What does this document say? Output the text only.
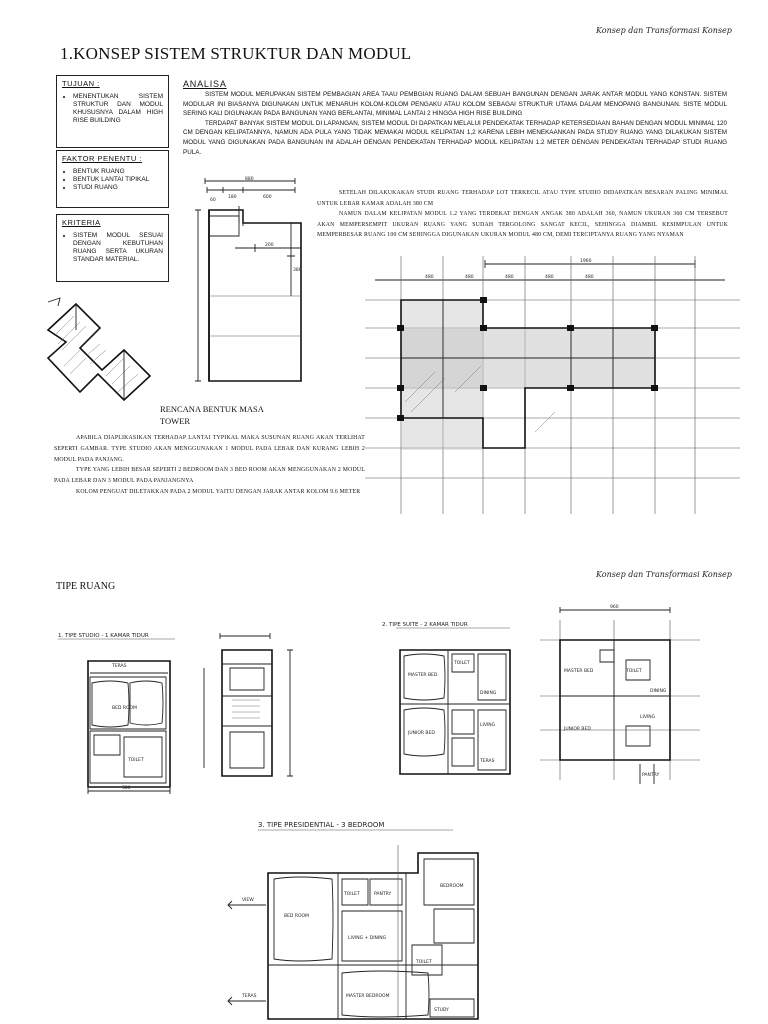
Konsep dan Transformasi Konsep
1.KONSEP SISTEM STRUKTUR DAN MODUL
TUJUAN :
• MENENTUKAN SISTEM STRUKTUR DAN MODUL KHUSUSNYA DALAM HIGH RISE BUILDING
FAKTOR PENENTU :
• BENTUK RUANG
• BENTUK LANTAI TIPIKAL
• STUDI RUANG
KRITERIA
• SISTEM MODUL SESUAI DENGAN KEBUTUHAN RUANG SERTA UKURAN STANDAR MATERIAL.
ANALISA
SISTEM MODUL MERUPAKAN SISTEM PEMBAGIAN AREA TAAU PEMBGIAN RUANG DALAM SEBUAH BANGUNAN DENGAN JARAK ANTAR MODUL YANG KONSTAN. SISTEM MODULAR INI BIASANYA DIGUNAKAN UNTUK MENARUH KOLOM-KOLOM PENGAKU ATAU KOLOM SEBAGAI STRUKTUR UTAMA DALAM MENOPANG BANGUNAN. SISTE MODUL SERING KALI DIGUNAKAN PADA BANGUNAN YANG BERLANTAI, MINIMAL LANTAI 2 HINGGA HIGH RISE BUILDING
TERDAPAT BANYAK SISTEM MODUL DI LAPANGAN, SISTEM MODUL DI DAPATKAN MELALUI PENDEKATAK TERHADAP KETERSEDIAAN BAHAN DENGAN MODUL MINIMAL 120 CM DENGAN KELIPATANNYA, NAMUN ADA PULA YANG TIDAK MEMAKAI MODUL KELIPATAN 1,2 KARENA LEBIH MENEKAANKAN PADA STUDY RUANG YANG DILAKUKAN SISTEM MODUL YANG DIGUNAKAN PADA BANGUNAN INI ADALAH DENGAN PENDEKATAN TERHADAP MODUL KELIPATAN 1.2 METER DENGAN PENDEKATAN TERHADAP STUDI RUANG PULA.
880
60
180	600
200
380
SETELAH DILAKUKAKAN STUDI RUANG TERHADAP LOT TERKECIL ATAU TYPE STUDIO DIDAPATKAN BESARAN PALING MINIMAL UNTUK LEBAR KAMAR ADALAH 380 CM
NAMUN DALAM KELIPATAN MODUL 1.2 YANG TERDEKAT DENGAN ANGAK 380 ADALAH 360, NAMUN UKURAN 360 CM TERSEBUT AKAN MEMPERSEMPIT UKURAN RUANG YANG SUDAH TERGOLONG SANGAT KECIL, SEHINGGA DIAMBIL KESIMPULAN UNTUK MEMPERBESAR RUANG 100 CM SEHINGGA DIGUNAKAN UKURAN MODUL 480 CM, DEMI TERCIPTANYA RUANG YANG NYAMAN
RENCANA BENTUK MASA
TOWER
APABILA DIAPLIKASIKAN TERHADAP LANTAI TYPIKAL MAKA SUSUNAN RUANG AKAN TERLIHAT SEPERTI GAMBAR. TYPE STUDIO AKAN MENGGUNAKAN 1 MODUL PADA LEBAR DAN KURANG LEBIH 2 MODUL PADA PANJANG.
TYPE YANG LEBIH BESAR SEPERTI 2 BEDROOM DAN 3 BED ROOM AKAN MENGGUNAKAN 2 MODUL PADA LEBAR DAN 3 MODUL PADA PANJANGNYA
KOLOM PENGUAT DILETAKKAN PADA 2 MODUL YAITU DENGAN JARAK ANTAR KOLOM 9.6 METER
1960
480	480	480	480	480
Konsep dan Transformasi Konsep
TIPE RUANG
1. TIPE STUDIO - 1 KAMAR TIDUR
TERAS
BED ROOM
TOILET
380
2. TIPE SUITE - 2 KAMAR TIDUR
MASTER BED
TOILET
DINING
LIVING
JUNIOR BED
TERAS
960
MASTER BED	TOILET
DINING
LIVING
JUNIOR BED
PANTRY
3. TIPE PRESIDENTIAL - 3 BEDROOM
VIEW
BED ROOM
TOILET	PANTRY
LIVING + DINING
BEDROOM
TOILET
MASTER BEDROOM
STUDY
TERAS
